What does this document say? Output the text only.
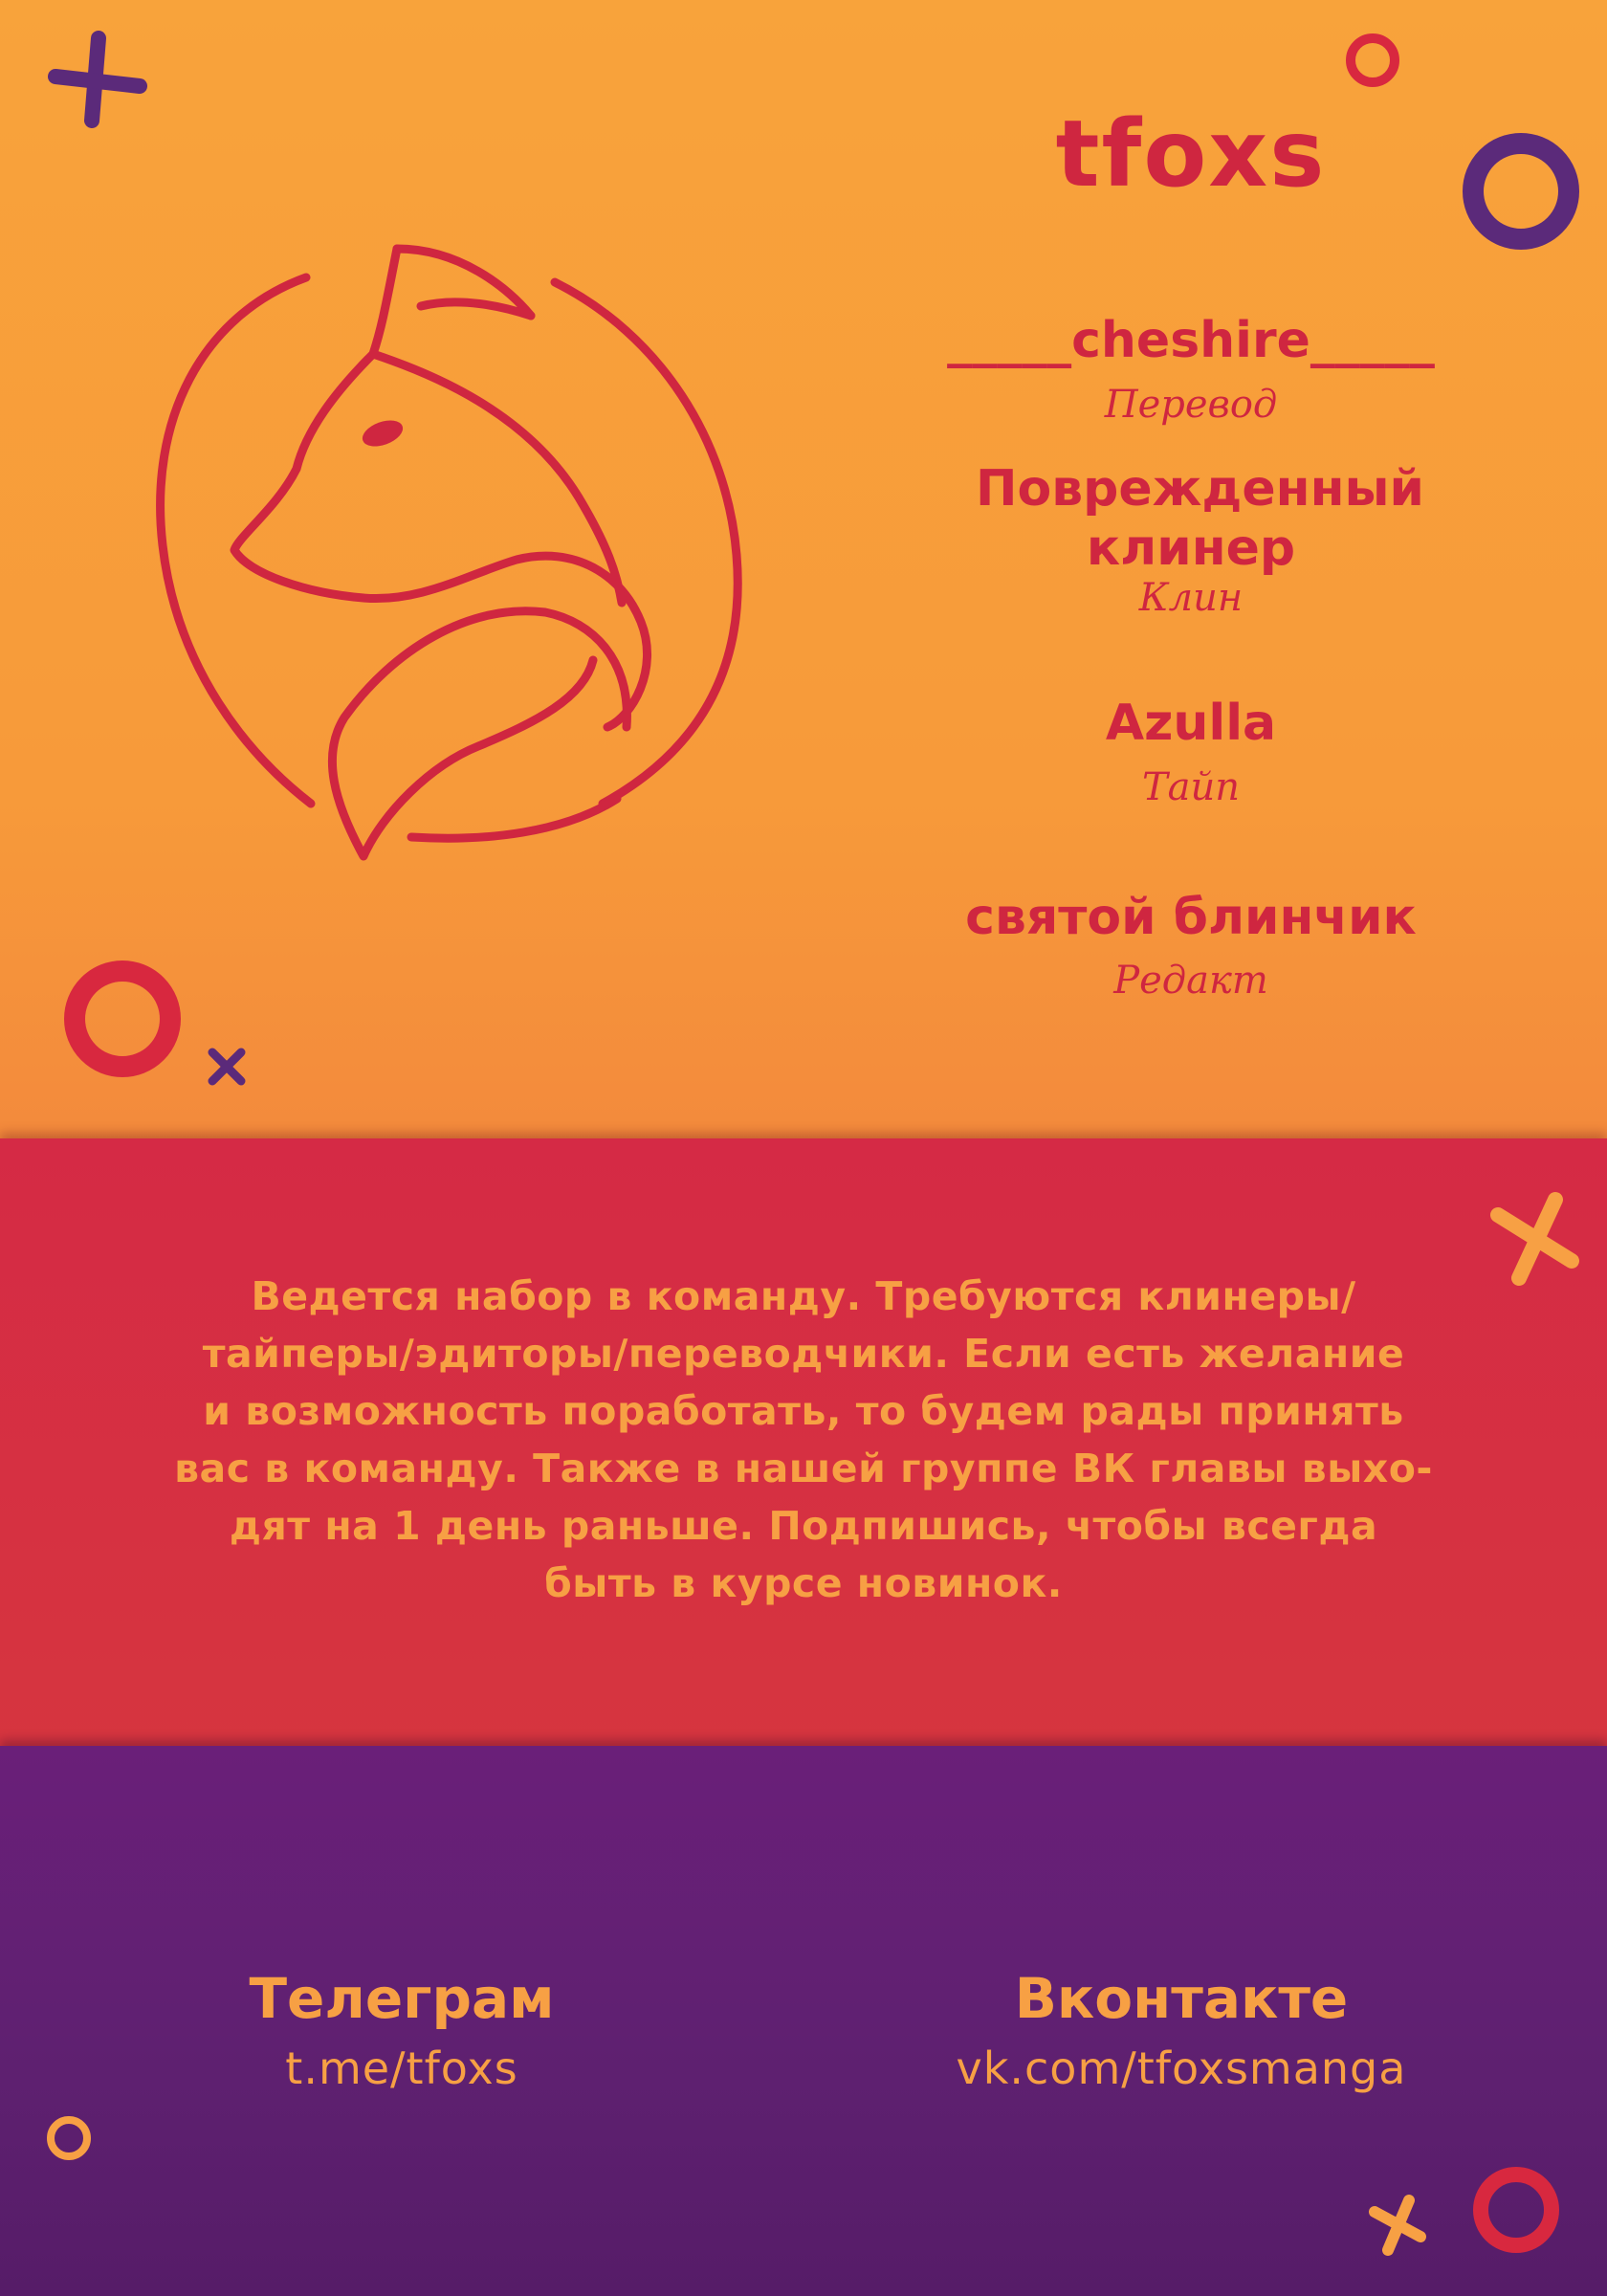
tfoxs
_____cheshire_____
Перевод
Поврежденный клинер
Клин
Azulla
Тайп
святой блинчик
Редакт
Ведется набор в команду. Требуются клинеры/
тайперы/эдиторы/переводчики. Если есть желание
и возможность поработать, то будем рады принять
вас в команду. Также в нашей группе ВК главы выхо-
дят на 1 день раньше. Подпишись, чтобы всегда
быть в курсе новинок.
Телеграм
t.me/tfoxs
Вконтакте
vk.com/tfoxsmanga
